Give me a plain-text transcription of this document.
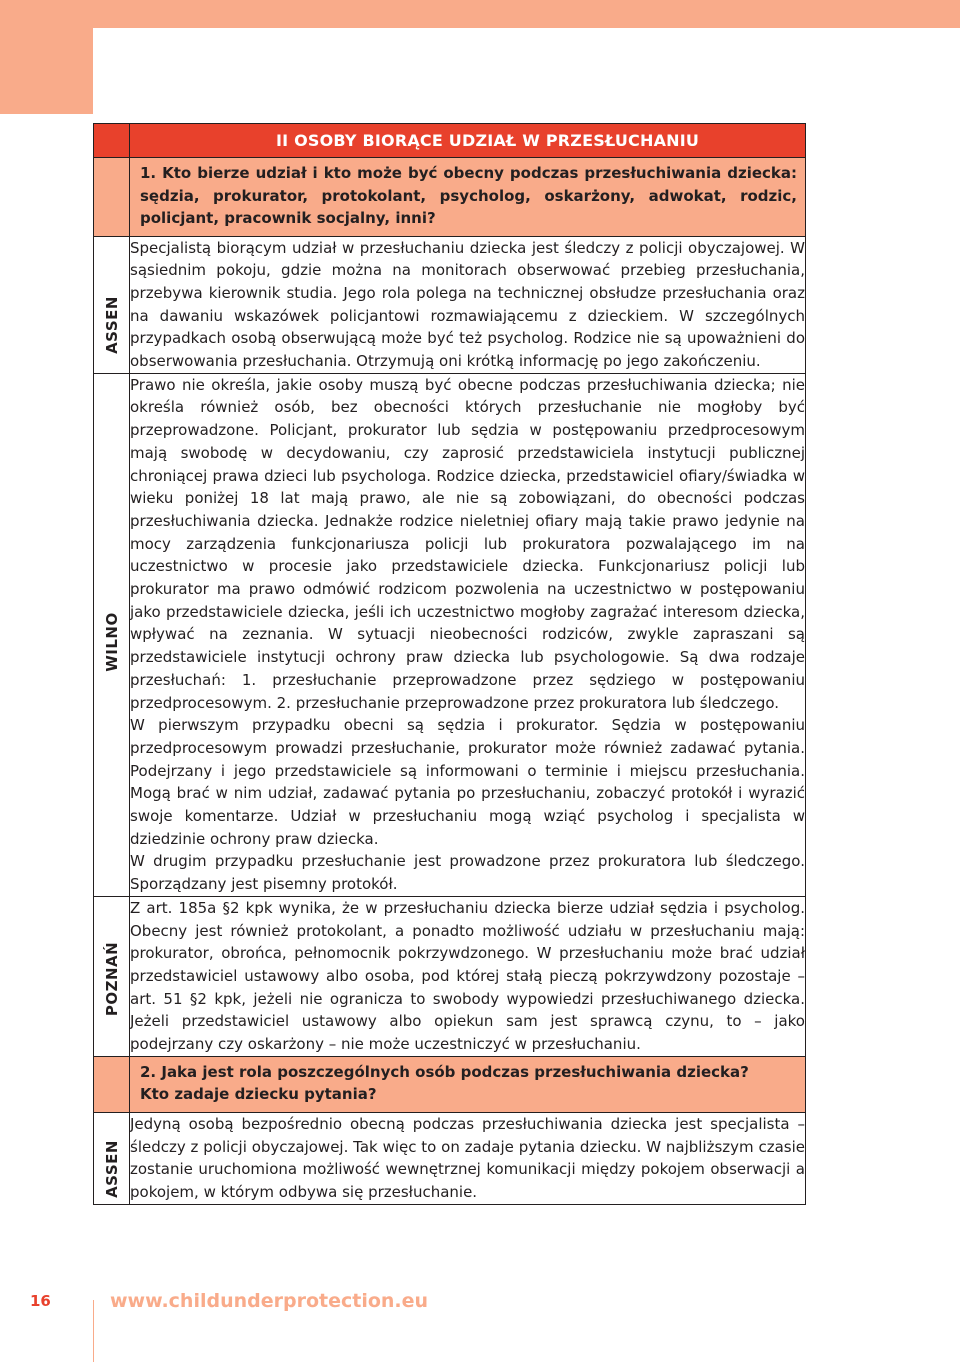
	II OSOBY BIORĄCE UDZIAŁ W PRZESŁUCHANIU

	1. Kto bierze udział i kto może być obecny podczas przesłuchiwania dziecka: sędzia, prokurator, protokolant, psycholog, oskarżony, adwokat, rodzic, policjant, pracownik socjalny, inni?

ASSEN	Specjalistą biorącym udział w przesłuchaniu dziecka jest śledczy z policji obyczajowej. W sąsiednim pokoju, gdzie można na monitorach obserwować przebieg przesłuchania, przebywa kierownik studia. Jego rola polega na technicznej obsłudze przesłuchania oraz na dawaniu wskazówek policjantowi rozmawiającemu z dzieckiem. W szczególnych przypadkach osobą obserwującą może być też psycholog. Rodzice nie są upoważnieni do obserwowania przesłuchania. Otrzymują oni krótką informację po jego zakończeniu.

WILNO	Prawo nie określa, jakie osoby muszą być obecne podczas przesłuchiwania dziecka; nie określa również osób, bez obecności których przesłuchanie nie mogłoby być przeprowadzone. Policjant, prokurator lub sędzia w postępowaniu przedprocesowym mają swobodę w decydowaniu, czy zaprosić przedstawiciela instytucji publicznej chroniącej prawa dzieci lub psychologa. Rodzice dziecka, przedstawiciel ofiary/świadka w wieku poniżej 18 lat mają prawo, ale nie są zobowiązani, do obecności podczas przesłuchiwania dziecka. Jednakże rodzice nieletniej ofiary mają takie prawo jedynie na mocy zarządzenia funkcjonariusza policji lub prokuratora pozwalającego im na uczestnictwo w procesie jako przedstawiciele dziecka. Funkcjonariusz policji lub prokurator ma prawo odmówić rodzicom pozwolenia na uczestnictwo w postępowaniu jako przedstawiciele dziecka, jeśli ich uczestnictwo mogłoby zagrażać interesom dziecka, wpływać na zeznania. W sytuacji nieobecności rodziców, zwykle zapraszani są przedstawiciele instytucji ochrony praw dziecka lub psychologowie. Są dwa rodzaje przesłuchań: 1. przesłuchanie przeprowadzone przez sędziego w postępowaniu przedprocesowym. 2. przesłuchanie przeprowadzone przez prokuratora lub śledczego.

W pierwszym przypadku obecni są sędzia i prokurator. Sędzia w postępowaniu przedprocesowym prowadzi przesłuchanie, prokurator może również zadawać pytania. Podejrzany i jego przedstawiciele są informowani o terminie i miejscu przesłuchania. Mogą brać w nim udział, zadawać pytania po przesłuchaniu, zobaczyć protokół i wyrazić swoje komentarze. Udział w przesłuchaniu mogą wziąć psycholog i specjalista w dziedzinie ochrony praw dziecka.

W drugim przypadku przesłuchanie jest prowadzone przez prokuratora lub śledczego. Sporządzany jest pisemny protokół.

POZNAŃ	Z art. 185a §2 kpk wynika, że w przesłuchaniu dziecka bierze udział sędzia i psycholog. Obecny jest również protokolant, a ponadto możliwość udziału w przesłuchaniu mają: prokurator, obrońca, pełnomocnik pokrzywdzonego. W przesłuchaniu może brać udział przedstawiciel ustawowy albo osoba, pod której stałą pieczą pokrzywdzony pozostaje – art. 51 §2 kpk, jeżeli nie ogranicza to swobody wypowiedzi przesłuchiwanego dziecka. Jeżeli przedstawiciel ustawowy albo opiekun sam jest sprawcą czynu, to – jako podejrzany czy oskarżony – nie może uczestniczyć w przesłuchaniu.

	2. Jaka jest rola poszczególnych osób podczas przesłuchiwania dziecka?
Kto zadaje dziecku pytania?

ASSEN	Jedyną osobą bezpośrednio obecną podczas przesłuchiwania dziecka jest specjalista – śledczy z policji obyczajowej. Tak więc to on zadaje pytania dziecku. W najbliższym czasie zostanie uruchomiona możliwość wewnętrznej komunikacji między pokojem obserwacji a pokojem, w którym odbywa się przesłuchanie.

16	www.childunderprotection.eu
